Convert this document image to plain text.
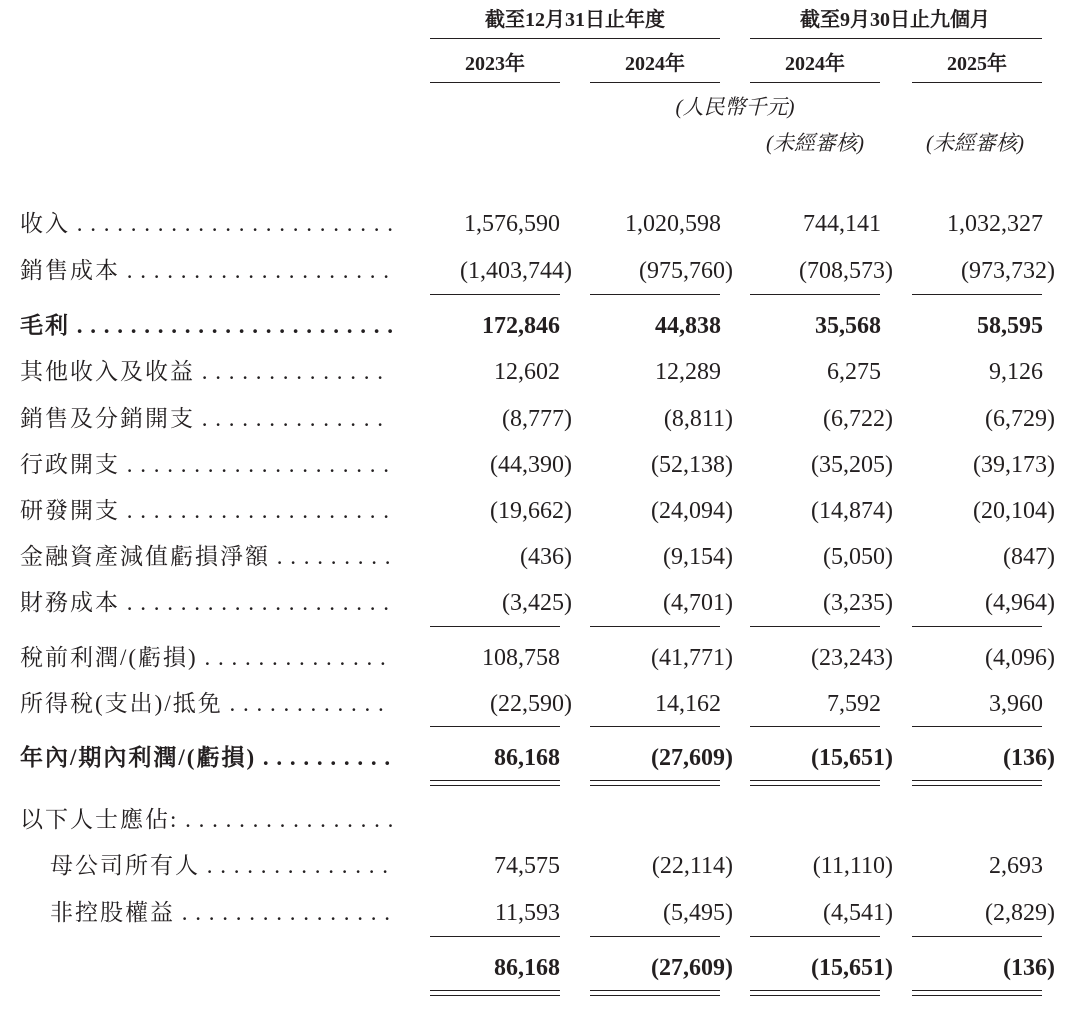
截至12月31日止年度	截至9月30日止九個月
2023年	2024年	2024年	2025年
(人民幣千元)
(未經審核)	(未經審核)
收入 . . .	1,576,590	1,020,598	744,141	1,032,327
銷售成本 . . .	(1,403,744)	(975,760)	(708,573)	(973,732)
毛利 . . .	172,846	44,838	35,568	58,595
其他收入及收益 . . .	12,602	12,289	6,275	9,126
銷售及分銷開支 . . .	(8,777)	(8,811)	(6,722)	(6,729)
行政開支 . . .	(44,390)	(52,138)	(35,205)	(39,173)
研發開支 . . .	(19,662)	(24,094)	(14,874)	(20,104)
金融資產減值虧損淨額 . . .	(436)	(9,154)	(5,050)	(847)
財務成本 . . .	(3,425)	(4,701)	(3,235)	(4,964)
稅前利潤/(虧損) . . .	108,758	(41,771)	(23,243)	(4,096)
所得稅(支出)/抵免 . . .	(22,590)	14,162	7,592	3,960
年內/期內利潤/(虧損) . . .	86,168	(27,609)	(15,651)	(136)
以下人士應佔: . . .
母公司所有人 . . .	74,575	(22,114)	(11,110)	2,693
非控股權益 . . .	11,593	(5,495)	(4,541)	(2,829)
86,168	(27,609)	(15,651)	(136)
